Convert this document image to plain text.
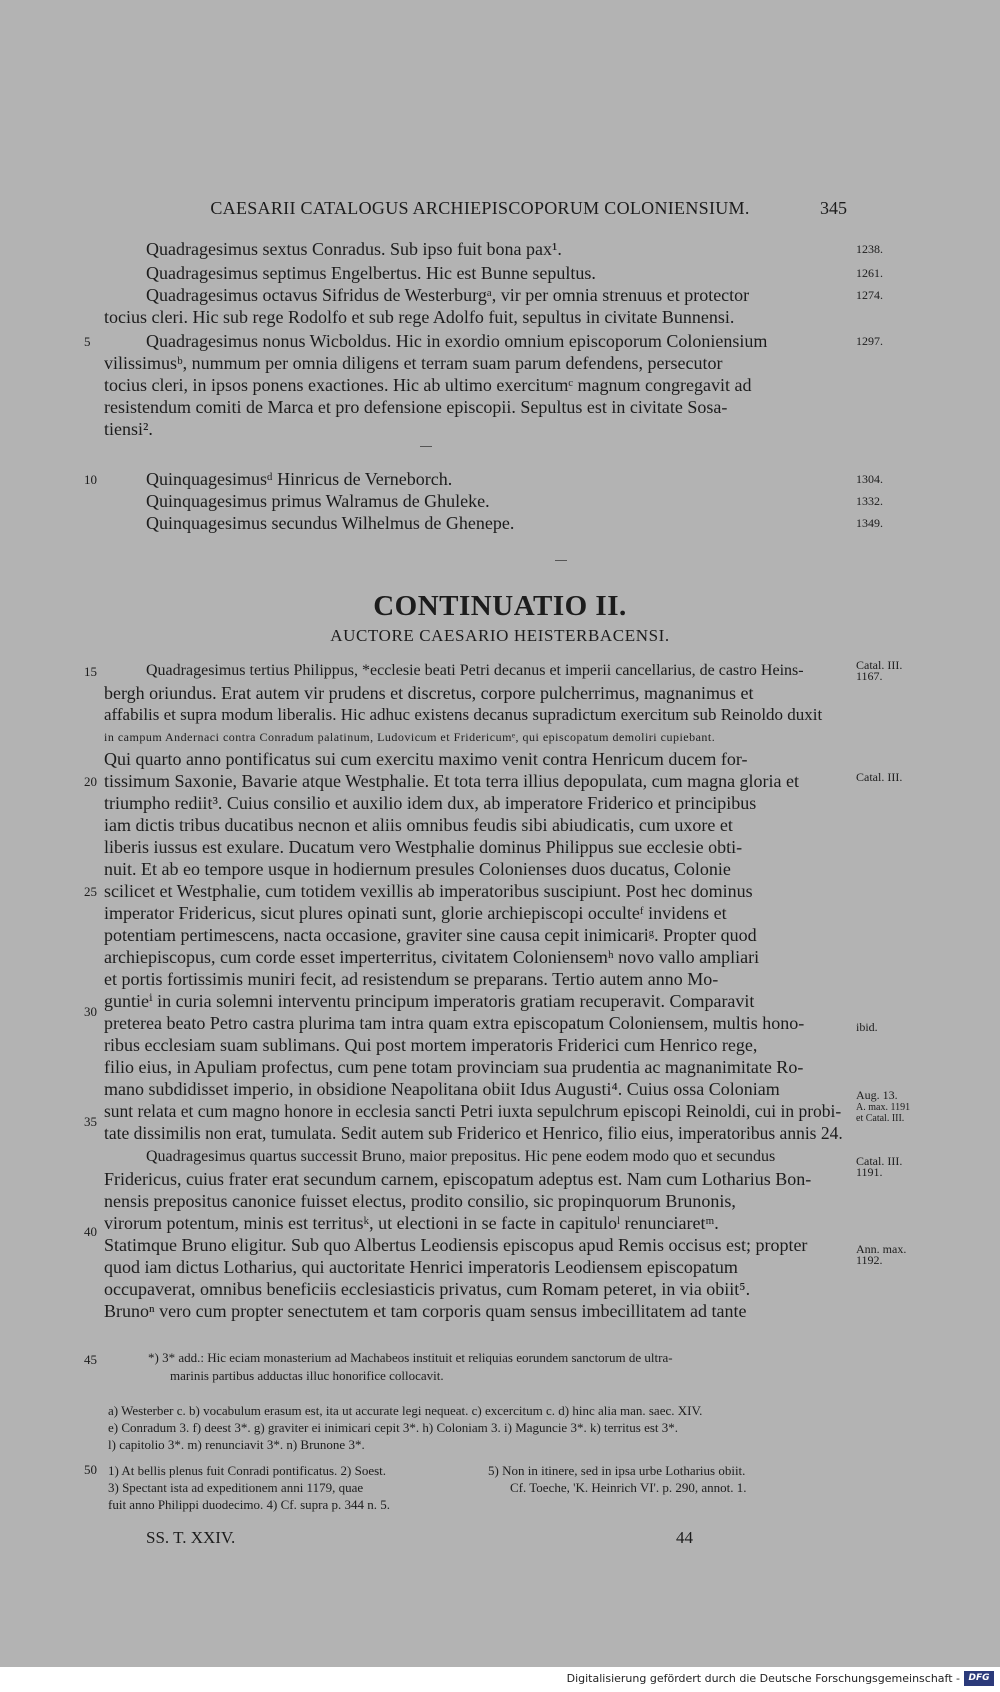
CAESARII CATALOGUS ARCHIEPISCOPORUM COLONIENSIUM.	345
Quadragesimus sextus Conradus. Sub ipso fuit bona pax¹.	1238.
Quadragesimus septimus Engelbertus. Hic est Bunne sepultus.	1261.
Quadragesimus octavus Sifridus de Westerburgᵃ, vir per omnia strenuus et protector	1274.
tocius cleri. Hic sub rege Rodolfo et sub rege Adolfo fuit, sepultus in civitate Bunnensi.
5	Quadragesimus nonus Wicboldus. Hic in exordio omnium episcoporum Coloniensium	1297.
vilissimusᵇ, nummum per omnia diligens et terram suam parum defendens, persecutor
tocius cleri, in ipsos ponens exactiones. Hic ab ultimo exercitumᶜ magnum congregavit ad
resistendum comiti de Marca et pro defensione episcopii. Sepultus est in civitate Sosa-
tiensi².
10	Quinquagesimusᵈ Hinricus de Verneborch.	1304.
Quinquagesimus primus Walramus de Ghuleke.	1332.
Quinquagesimus secundus Wilhelmus de Ghenepe.	1349.
CONTINUATIO II.
AUCTORE CAESARIO HEISTERBACENSI.
Quadragesimus tertius Philippus, *ecclesie beati Petri decanus et imperii cancellarius, de castro Heins-
bergh oriundus. Erat autem vir prudens et discretus, corpore pulcherrimus, magnanimus et
affabilis et supra modum liberalis. Hic adhuc existens decanus supradictum exercitum sub Reinoldo duxit
in campum Andernaci contra Conradum palatinum, Ludovicum et Fridericumᵉ, qui episcopatum demoliri cupiebant.
Qui quarto anno pontificatus sui cum exercitu maximo venit contra Henricum ducem for-
tissimum Saxonie, Bavarie atque Westphalie. Et tota terra illius depopulata, cum magna gloria et
triumpho rediit³. Cuius consilio et auxilio idem dux, ab imperatore Friderico et principibus
iam dictis tribus ducatibus necnon et aliis omnibus feudis sibi abiudicatis, cum uxore et
liberis iussus est exulare. Ducatum vero Westphalie dominus Philippus sue ecclesie obti-
nuit. Et ab eo tempore usque in hodiernum presules Colonienses duos ducatus, Colonie
scilicet et Westphalie, cum totidem vexillis ab imperatoribus suscipiunt. Post hec dominus
imperator Fridericus, sicut plures opinati sunt, glorie archiepiscopi occulteᶠ invidens et
potentiam pertimescens, nacta occasione, graviter sine causa cepit inimicariᵍ. Propter quod
archiepiscopus, cum corde esset imperterritus, civitatem Coloniensemʰ novo vallo ampliari
et portis fortissimis muniri fecit, ad resistendum se preparans. Tertio autem anno Mo-
guntieⁱ in curia solemni interventu principum imperatoris gratiam recuperavit. Comparavit
preterea beato Petro castra plurima tam intra quam extra episcopatum Coloniensem, multis hono-
ribus ecclesiam suam sublimans. Qui post mortem imperatoris Friderici cum Henrico rege,
filio eius, in Apuliam profectus, cum pene totam provinciam sua prudentia ac magnanimitate Ro-
mano subdidisset imperio, in obsidione Neapolitana obiit Idus Augusti⁴. Cuius ossa Coloniam
sunt relata et cum magno honore in ecclesia sancti Petri iuxta sepulchrum episcopi Reinoldi, cui in probi-
tate dissimilis non erat, tumulata. Sedit autem sub Friderico et Henrico, filio eius, imperatoribus annis 24.
Quadragesimus quartus successit Bruno, maior prepositus. Hic pene eodem modo quo et secundus
Fridericus, cuius frater erat secundum carnem, episcopatum adeptus est. Nam cum Lotharius Bon-
nensis prepositus canonice fuisset electus, prodito consilio, sic propinquorum Brunonis,
virorum potentum, minis est territusᵏ, ut electioni in se facte in capituloˡ renunciaretᵐ.
Statimque Bruno eligitur. Sub quo Albertus Leodiensis episcopus apud Remis occisus est; propter
quod iam dictus Lotharius, qui auctoritate Henrici imperatoris Leodiensem episcopatum
occupaverat, omnibus beneficiis ecclesiasticis privatus, cum Romam peteret, in via obiit⁵.
Brunoⁿ vero cum propter senectutem et tam corporis quam sensus imbecillitatem ad tante
15
20
25
30
35
40
45
50
Catal. III. 1167.
Catal. III.
ibid.
Aug. 13.
A. max. 1191 et Catal. III.
Catal. III. 1191.
Ann. max. 1192.
*) 3* add.: Hic eciam monasterium ad Machabeos instituit et reliquias eorundem sanctorum de ultra-
marinis partibus adductas illuc honorifice collocavit.
a) Westerber c. b) vocabulum erasum est, ita ut accurate legi nequeat. c) excercitum c. d) hinc alia man. saec. XIV.
e) Conradum 3. f) deest 3*. g) graviter ei inimicari cepit 3*. h) Coloniam 3. i) Magunciе 3*. k) territus est 3*.
l) capitolio 3*. m) renunciavit 3*. n) Brunone 3*.
1) At bellis plenus fuit Conradi pontificatus. 2) Soest.
3) Spectant ista ad expeditionem anni 1179, quae
fuit anno Philippi duodecimo. 4) Cf. supra p. 344 n. 5.
5) Non in itinere, sed in ipsa urbe Lotharius obiit.
Cf. Toeche, 'K. Heinrich VI'. p. 290, annot. 1.
SS. T. XXIV.	44
Digitalisierung gefördert durch die Deutsche Forschungsgemeinschaft - DFG
